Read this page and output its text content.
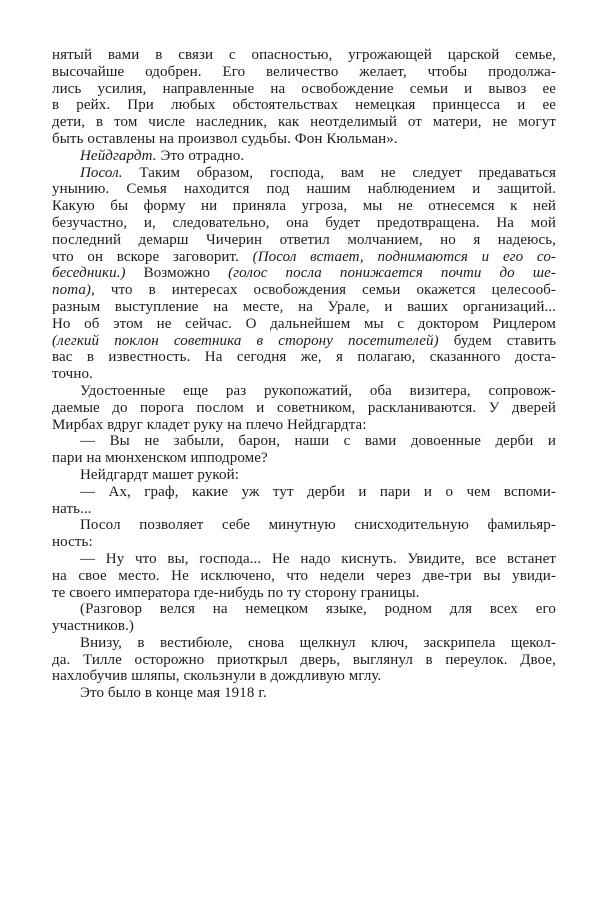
нятый вами в связи с опасностью, угрожающей царской семье,
высочайше одобрен. Его величество желает, чтобы продолжа-
лись усилия, направленные на освобождение семьи и вывоз ее
в рейх. При любых обстоятельствах немецкая принцесса и ее
дети, в том числе наследник, как неотделимый от матери, не могут
быть оставлены на произвол судьбы. Фон Кюльман».
Нейдгардт. Это отрадно.
Посол. Таким образом, господа, вам не следует предаваться
унынию. Семья находится под нашим наблюдением и защитой.
Какую бы форму ни приняла угроза, мы не отнесемся к ней
безучастно, и, следовательно, она будет предотвращена. На мой
последний демарш Чичерин ответил молчанием, но я надеюсь,
что он вскоре заговорит. (Посол встает, поднимаются и его со-
беседники.) Возможно (голос посла понижается почти до ше-
пота), что в интересах освобождения семьи окажется целесооб-
разным выступление на месте, на Урале, и ваших организаций...
Но об этом не сейчас. О дальнейшем мы с доктором Рицлером
(легкий поклон советника в сторону посетителей) будем ставить
вас в известность. На сегодня же, я полагаю, сказанного доста-
точно.
Удостоенные еще раз рукопожатий, оба визитера, сопровож-
даемые до порога послом и советником, раскланиваются. У дверей
Мирбах вдруг кладет руку на плечо Нейдгардта:
— Вы не забыли, барон, наши с вами довоенные дерби и
пари на мюнхенском ипподроме?
Нейдгардт машет рукой:
— Ах, граф, какие уж тут дерби и пари и о чем вспоми-
нать...
Посол позволяет себе минутную снисходительную фамильяр-
ность:
— Ну что вы, господа... Не надо киснуть. Увидите, все встанет
на свое место. Не исключено, что недели через две-три вы увиди-
те своего императора где-нибудь по ту сторону границы.
(Разговор велся на немецком языке, родном для всех его
участников.)
Внизу, в вестибюле, снова щелкнул ключ, заскрипела щекол-
да. Тилле осторожно приоткрыл дверь, выглянул в переулок. Двое,
нахлобучив шляпы, скользнули в дождливую мглу.
Это было в конце мая 1918 г.
